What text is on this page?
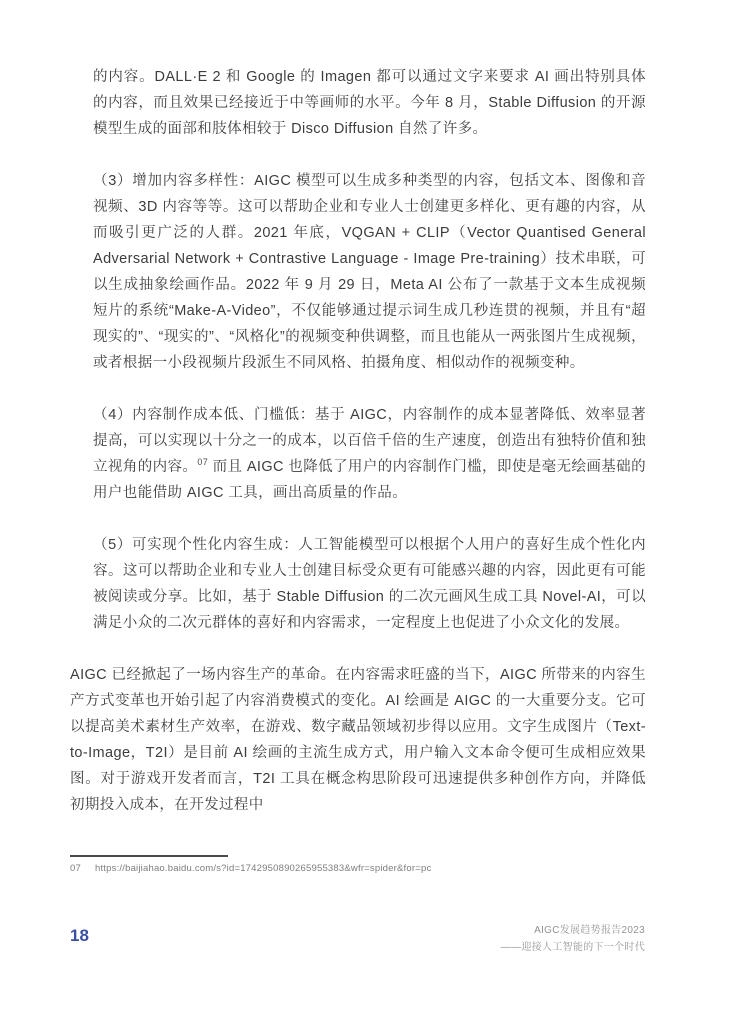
的内容。DALL·E 2 和 Google 的 Imagen 都可以通过文字来要求 AI 画出特别具体的内容，而且效果已经接近于中等画师的水平。今年 8 月，Stable Diffusion 的开源模型生成的面部和肢体相较于 Disco Diffusion 自然了许多。

（3）增加内容多样性：AIGC 模型可以生成多种类型的内容，包括文本、图像和音视频、3D 内容等等。这可以帮助企业和专业人士创建更多样化、更有趣的内容，从而吸引更广泛的人群。2021 年底，VQGAN + CLIP（Vector Quantised General Adversarial Network + Contrastive Language - Image Pre-training）技术串联，可以生成抽象绘画作品。2022 年 9 月 29 日，Meta AI 公布了一款基于文本生成视频短片的系统“Make-A-Video”，不仅能够通过提示词生成几秒连贯的视频，并且有“超现实的”、“现实的”、“风格化”的视频变种供调整，而且也能从一两张图片生成视频，或者根据一小段视频片段派生不同风格、拍摄角度、相似动作的视频变种。

（4）内容制作成本低、门槛低：基于 AIGC，内容制作的成本显著降低、效率显著提高，可以实现以十分之一的成本，以百倍千倍的生产速度，创造出有独特价值和独立视角的内容。$^{07}$ 而且 AIGC 也降低了用户的内容制作门槛，即使是毫无绘画基础的用户也能借助 AIGC 工具，画出高质量的作品。

（5）可实现个性化内容生成：人工智能模型可以根据个人用户的喜好生成个性化内容。这可以帮助企业和专业人士创建目标受众更有可能感兴趣的内容，因此更有可能被阅读或分享。比如，基于 Stable Diffusion 的二次元画风生成工具 Novel-AI，可以满足小众的二次元群体的喜好和内容需求，一定程度上也促进了小众文化的发展。

AIGC 已经掀起了一场内容生产的革命。在内容需求旺盛的当下，AIGC 所带来的内容生产方式变革也开始引起了内容消费模式的变化。AI 绘画是 AIGC 的一大重要分支。它可以提高美术素材生产效率，在游戏、数字藏品领域初步得以应用。文字生成图片（Text-to-Image，T2I）是目前 AI 绘画的主流生成方式，用户输入文本命令便可生成相应效果图。对于游戏开发者而言，T2I 工具在概念构思阶段可迅速提供多种创作方向，并降低初期投入成本，在开发过程中

07 https://baijiahao.baidu.com/s?id=1742950890265955383&wfr=spider&for=pc
18	AIGC发展趋势报告2023
——迎接人工智能的下一个时代
